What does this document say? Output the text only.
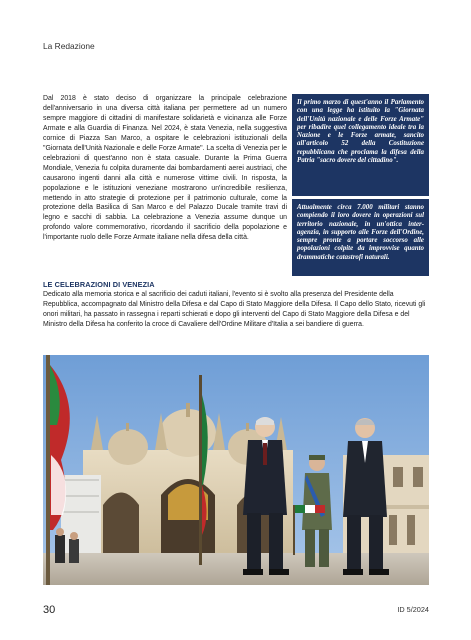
La Redazione

Dal 2018 è stato deciso di organizzare la principale celebrazione dell'anniversario in una diversa città italiana per permettere ad un numero sempre maggiore di cittadini di manifestare solidarietà e vicinanza alle Forze Armate e alla Guardia di Finanza. Nel 2024, è stata Venezia, nella suggestiva cornice di Piazza San Marco, a ospitare le celebrazioni istituzionali della "Giornata dell'Unità Nazionale e delle Forze Armate". La scelta di Venezia per le celebrazioni di quest'anno non è stata casuale. Durante la Prima Guerra Mondiale, Venezia fu colpita duramente dai bombardamenti aerei austriaci, che causarono ingenti danni alla città e numerose vittime civili. In risposta, la popolazione e le istituzioni veneziane mostrarono un'incredibile resilienza, mettendo in atto strategie di protezione per il patrimonio culturale, come la protezione della Basilica di San Marco e del Palazzo Ducale tramite travi di legno e sacchi di sabbia. La celebrazione a Venezia assume dunque un profondo valore commemorativo, ricordando il sacrificio della popolazione e l'importante ruolo delle Forze Armate italiane nella difesa della città.

Il primo marzo di quest'anno il Parlamento con una legge ha istituito la "Giornata dell'Unità nazionale e delle Forze Armate" per ribadire quel collegamento ideale tra la Nazione e le Forze armate, sancito all'articolo 52 della Costituzione repubblicana che proclama la difesa della Patria "sacro dovere del cittadino".
Attualmente circa 7.000 militari stanno compiendo il loro dovere in operazioni sul territorio nazionale, in un'ottica inter-agenzia, in supporto alle Forze dell'Ordine, sempre pronte a portare soccorso alle popolazioni colpite da improvvise quanto drammatiche catastrofi naturali.
LE CELEBRAZIONI DI VENEZIA
Dedicato alla memoria storica e al sacrificio dei caduti italiani, l'evento si è svolto alla presenza del Presidente della Repubblica, accompagnato dal Ministro della Difesa e dal Capo di Stato Maggiore della Difesa. Il Capo dello Stato, ricevuti gli onori militari, ha passato in rassegna i reparti schierati e dopo gli interventi del Capo di Stato Maggiore della Difesa e del Ministro della Difesa ha conferito la croce di Cavaliere dell'Ordine Militare d'Italia a sei bandiere di guerra.
30	ID 5/2024
